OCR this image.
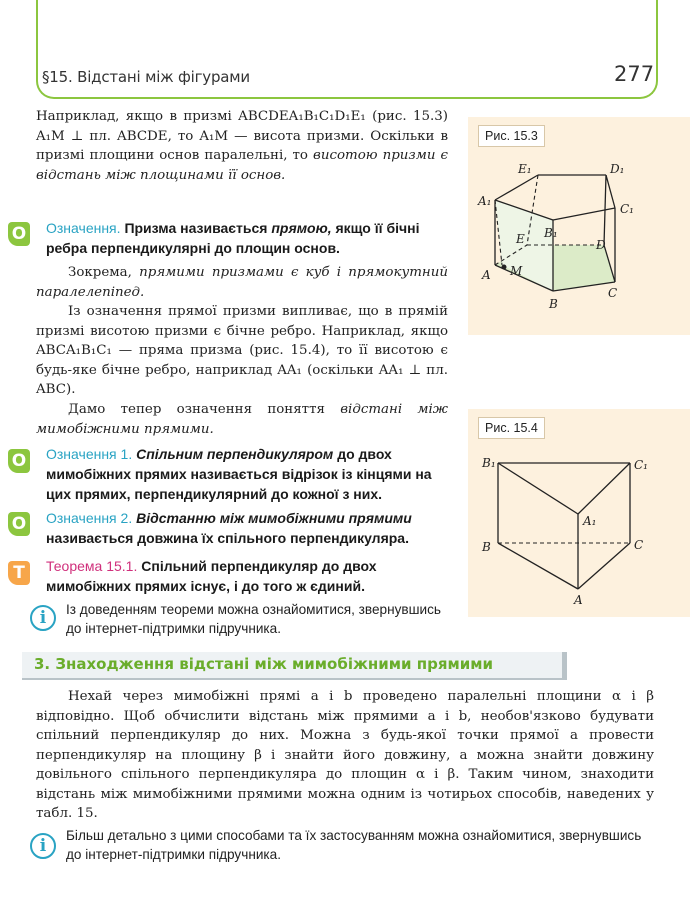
§15. Відстані між фігурами	277
Наприклад, якщо в призмі ABCDEA₁B₁C₁D₁E₁ (рис. 15.3) A₁M ⊥ пл. ABCDE, то A₁M — висота призми. Оскільки в призмі площини основ паралельні, то висотою призми є відстань між площинами її основ.
О Означення. Призма називається прямою, якщо її бічні ребра перпендикулярні до площин основ.
Зокрема, прямими призмами є куб і прямокутний паралелепіпед.
Із означення прямої призми випливає, що в прямій призмі висотою призми є бічне ребро. Наприклад, якщо ABCA₁B₁C₁ — пряма призма (рис. 15.4), то її висотою є будь-яке бічне ребро, наприклад AA₁ (оскільки AA₁ ⊥ пл. ABC).
Дамо тепер означення поняття відстані між мимобіжними прямими.
О Означення 1. Спільним перпендикуляром до двох мимобіжних прямих називається відрізок із кінцями на цих прямих, перпендикулярний до кожної з них.
О Означення 2. Відстанню між мимобіжними прямими називається довжина їх спільного перпендикуляра.
Т	Теорема 15.1. Спільний перпендикуляр до двох мимобіжних прямих існує, і до того ж єдиний.
i	Із доведенням теореми можна ознайомитися, звернувшись до інтернет-підтримки підручника.
Рис. 15.3
E₁	D₁
A₁
C₁
B₁
E	D
A M
C
B
Рис. 15.4
B₁	C₁
A₁
B	C
A
3. Знаходження відстані між мимобіжними прямими
Нехай через мимобіжні прямі a і b проведено паралельні площини α і β відповідно. Щоб обчислити відстань між прямими a і b, необов'язково будувати спільний перпендикуляр до них. Можна з будь-якої точки прямої a провести перпендикуляр на площину β і знайти його довжину, а можна знайти довжину довільного спільного перпендикуляра до площин α і β. Таким чином, знаходити відстань між мимобіжними прямими можна одним із чотирьох способів, наведених у табл. 15.
i
Більш детально з цими способами та їх застосуванням можна ознайомитися, звернувшись до інтернет-підтримки підручника.
